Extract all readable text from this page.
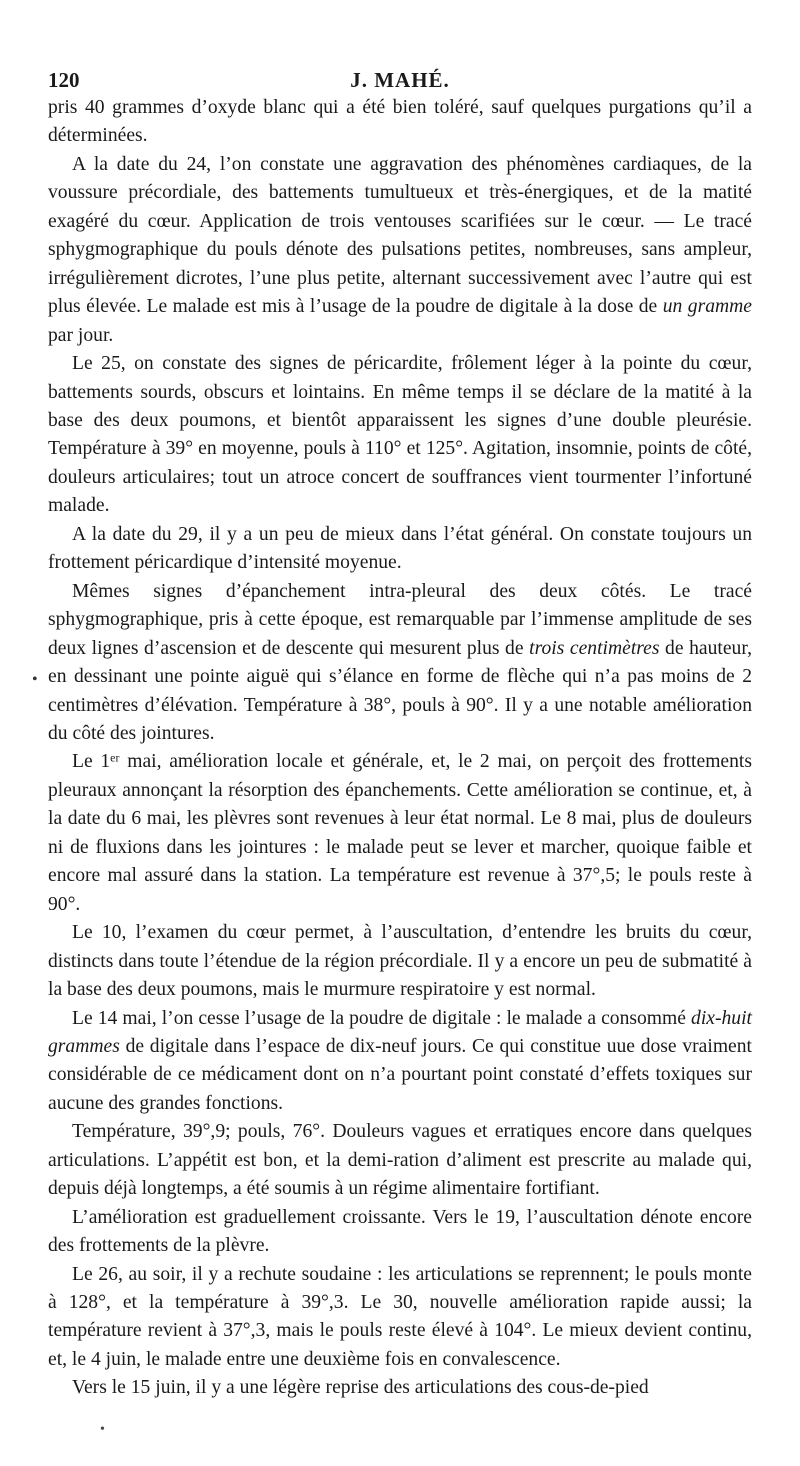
120	J. MAHÉ.

pris 40 grammes d’oxyde blanc qui a été bien toléré, sauf quelques purgations qu’il a déterminées.

A la date du 24, l’on constate une aggravation des phénomènes cardiaques, de la voussure précordiale, des battements tumultueux et très-énergiques, et de la matité exagéré du cœur. Application de trois ventouses scarifiées sur le cœur. — Le tracé sphygmographique du pouls dénote des pulsations petites, nombreuses, sans ampleur, irrégulièrement dicrotes, l’une plus petite, alternant successivement avec l’autre qui est plus élevée. Le malade est mis à l’usage de la poudre de digitale à la dose de un gramme par jour.

Le 25, on constate des signes de péricardite, frôlement léger à la pointe du cœur, battements sourds, obscurs et lointains. En même temps il se déclare de la matité à la base des deux poumons, et bientôt apparaissent les signes d’une double pleurésie. Température à 39° en moyenne, pouls à 110° et 125°. Agitation, insomnie, points de côté, douleurs articulaires; tout un atroce concert de souffrances vient tourmenter l’infortuné malade.

A la date du 29, il y a un peu de mieux dans l’état général. On constate toujours un frottement péricardique d’intensité moyenue.

Mêmes signes d’épanchement intra-pleural des deux côtés. Le tracé sphygmographique, pris à cette époque, est remarquable par l’immense amplitude de ses deux lignes d’ascension et de descente qui mesurent plus de trois centimètres de hauteur, en dessinant une pointe aiguë qui s’élance en forme de flèche qui n’a pas moins de 2 centimètres d’élévation. Température à 38°, pouls à 90°. Il y a une notable amélioration du côté des jointures.

Le 1ᵉʳ mai, amélioration locale et générale, et, le 2 mai, on perçoit des frottements pleuraux annonçant la résorption des épanchements. Cette amélioration se continue, et, à la date du 6 mai, les plèvres sont revenues à leur état normal. Le 8 mai, plus de douleurs ni de fluxions dans les jointures : le malade peut se lever et marcher, quoique faible et encore mal assuré dans la station. La température est revenue à 37°,5; le pouls reste à 90°.

Le 10, l’examen du cœur permet, à l’auscultation, d’entendre les bruits du cœur, distincts dans toute l’étendue de la région précordiale. Il y a encore un peu de submatité à la base des deux poumons, mais le murmure respiratoire y est normal.

Le 14 mai, l’on cesse l’usage de la poudre de digitale : le malade a consommé dix-huit grammes de digitale dans l’espace de dix-neuf jours. Ce qui constitue uue dose vraiment considérable de ce médicament dont on n’a pourtant point constaté d’effets toxiques sur aucune des grandes fonctions.

Température, 39°,9; pouls, 76°. Douleurs vagues et erratiques encore dans quelques articulations. L’appétit est bon, et la demi-ration d’aliment est prescrite au malade qui, depuis déjà longtemps, a été soumis à un régime alimentaire fortifiant.

L’amélioration est graduellement croissante. Vers le 19, l’auscultation dénote encore des frottements de la plèvre.

Le 26, au soir, il y a rechute soudaine : les articulations se reprennent; le pouls monte à 128°, et la température à 39°,3. Le 30, nouvelle amélioration rapide aussi; la température revient à 37°,3, mais le pouls reste élevé à 104°. Le mieux devient continu, et, le 4 juin, le malade entre une deuxième fois en convalescence.

Vers le 15 juin, il y a une légère reprise des articulations des cous-de-pied

•
•
